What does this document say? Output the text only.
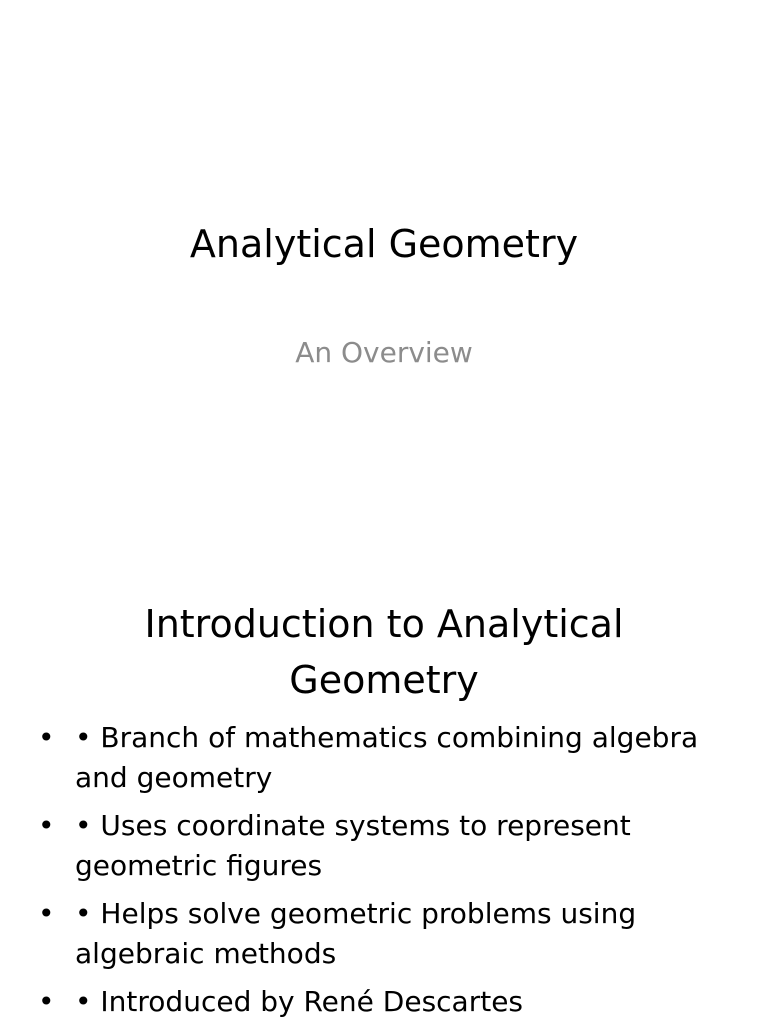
Analytical Geometry
An Overview
Introduction to Analytical Geometry
• • Branch of mathematics combining algebra and geometry
• • Uses coordinate systems to represent geometric figures
• • Helps solve geometric problems using algebraic methods
• • Introduced by René Descartes
